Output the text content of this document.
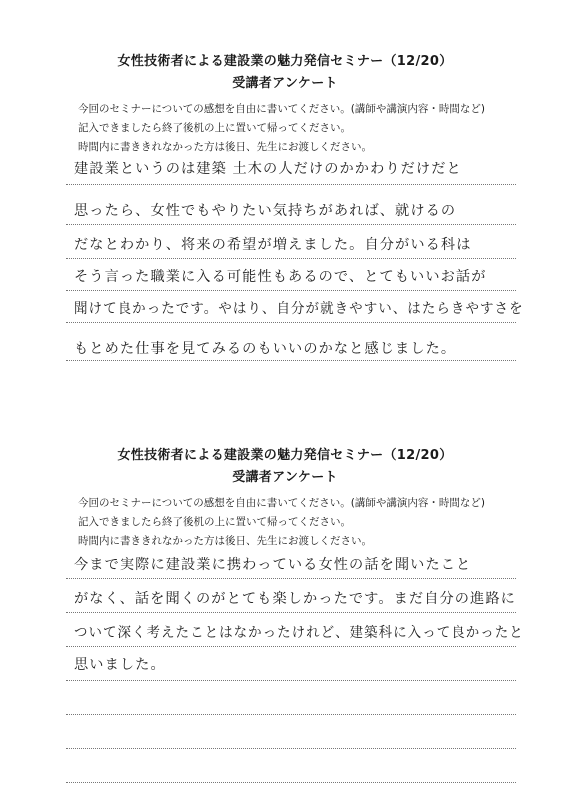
女性技術者による建設業の魅力発信セミナー（12/20）
受講者アンケート
今回のセミナーについての感想を自由に書いてください。(講師や講演内容・時間など)
記入できましたら終了後机の上に置いて帰ってください。
時間内に書ききれなかった方は後日、先生にお渡しください。
建設業というのは建築 土木の人だけのかかわりだけだと
思ったら、女性でもやりたい気持ちがあれば、就けるの
だなとわかり、将来の希望が増えました。自分がいる科は
そう言った職業に入る可能性もあるので、とてもいいお話が
聞けて良かったです。やはり、自分が就きやすい、はたらきやすさを
もとめた仕事を見てみるのもいいのかなと感じました。
女性技術者による建設業の魅力発信セミナー（12/20）
受講者アンケート
今回のセミナーについての感想を自由に書いてください。(講師や講演内容・時間など)
記入できましたら終了後机の上に置いて帰ってください。
時間内に書ききれなかった方は後日、先生にお渡しください。
今まで実際に建設業に携わっている女性の話を聞いたこと
がなく、話を聞くのがとても楽しかったです。まだ自分の進路に
ついて深く考えたことはなかったけれど、建築科に入って良かったと
思いました。
